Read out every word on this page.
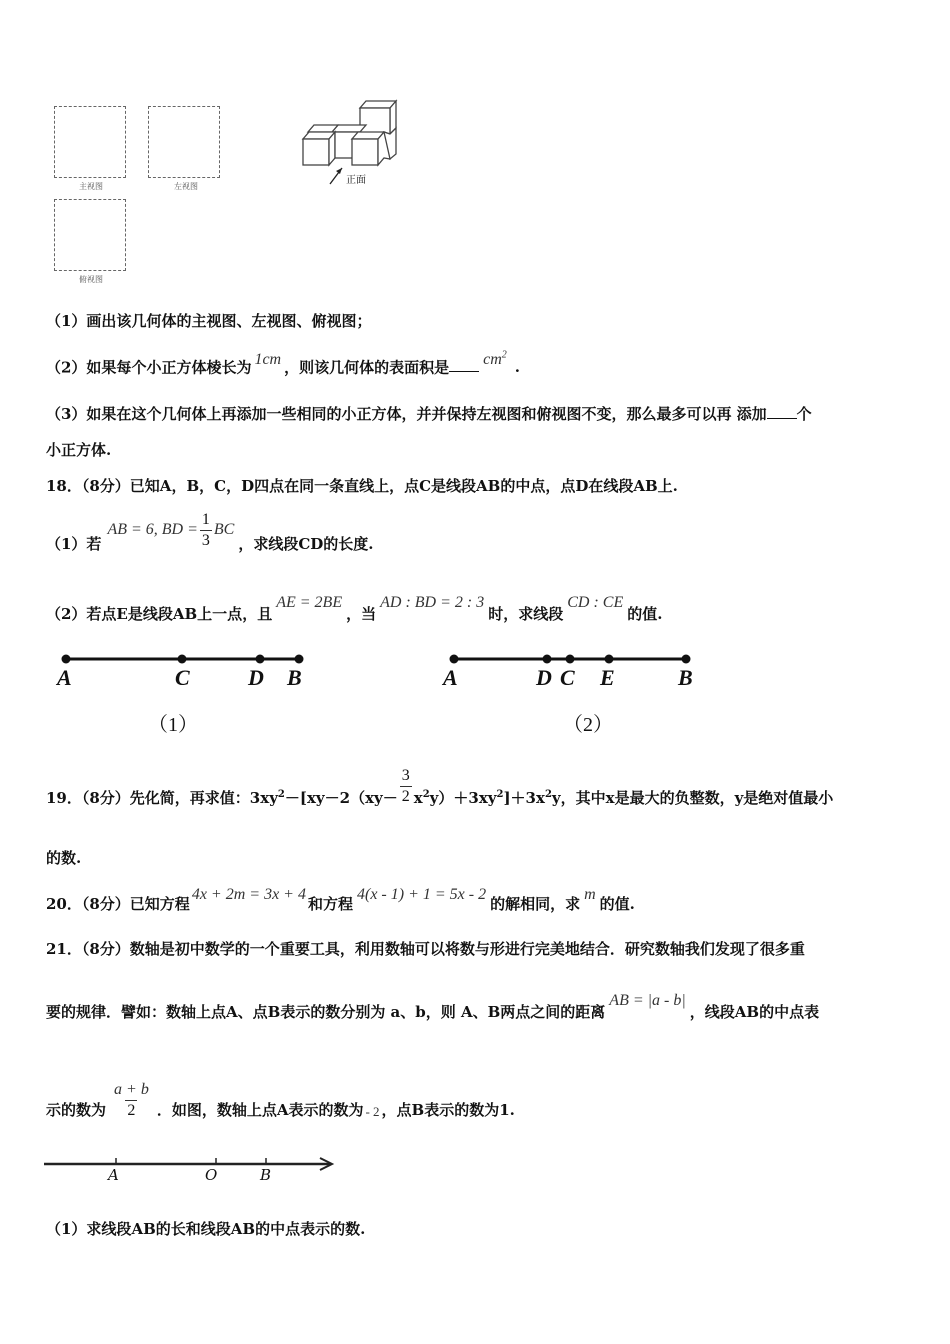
主视图	左视图
俯视图
正面
（1）画出该几何体的主视图、左视图、俯视图；
（2）如果每个小正方体棱长为 1cm ，则该几何体的表面积是 $cm^2$.
（3）如果在这个几何体上再添加一些相同的小正方体，并并保持左视图和俯视图不变，那么最多可以再 添加 个
小正方体.
18．（8分）已知A，B，C，D四点在同一条直线上，点C是线段AB的中点，点D在线段AB上.
（1）若
AB = 6, BD = $\frac{1}{3}$ BC
，求线段CD的长度.
（2）若点E是线段AB上一点，且AE = 2BE，当AD : BD = 2 : 3时，求线段CD : CE的值.
A	C	D B
（1）
A	D C E	B
（2）
19．（8分）先化简，再求值：$3xy^2-[xy-2(xy- \frac{3}{2} x^2y)+3xy^2]+3x^2y$，其中x是最大的负整数，y是绝对值最小
的数.
20．（8分）已知方程4x + 2m = 3x + 4和方程4(x - 1) + 1 = 5x - 2的解相同，求m的值.
21．（8分）数轴是初中数学的一个重要工具，利用数轴可以将数与形进行完美地结合．研究数轴我们发现了很多重
要的规律．譬如：数轴上点A、点B表示的数分别为 a、b，则 A、B两点之间的距离AB = |a - b|，线段AB的中点表
示的数为 $\frac{a + b}{2}$ ．如图，数轴上点A表示的数为 - 2 ，点B表示的数为1.
A	O	B
（1）求线段AB的长和线段AB的中点表示的数.
